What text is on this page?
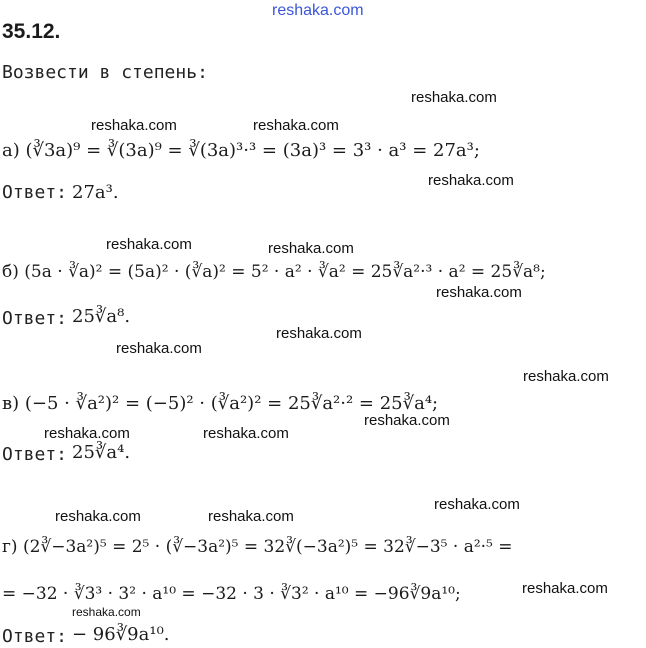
reshaka.com
reshaka.com
reshaka.com	reshaka.com
reshaka.com
reshaka.com	reshaka.com
reshaka.com
reshaka.com
reshaka.com
reshaka.com
reshaka.com
reshaka.com	reshaka.com
reshaka.com
reshaka.com	reshaka.com
reshaka.com
reshaka.com
35.12.
Возвести в степень:
а) (∛3a)⁹ = ∛(3a)⁹ = ∛(3a)³·³ = (3a)³ = 3³ · a³ = 27a³;
Ответ: 27a³.
б) (5a · ∛a)² = (5a)² · (∛a)² = 5² · a² · ∛a² = 25∛a²·³ · a² = 25∛a⁸;
Ответ: 25∛a⁸.
в) (−5 · ∛a²)² = (−5)² · (∛a²)² = 25∛a²·² = 25∛a⁴;
Ответ: 25∛a⁴.
г) (2∛−3a²)⁵ = 2⁵ · (∛−3a²)⁵ = 32∛(−3a²)⁵ = 32∛−3⁵ · a²·⁵ =
= −32 · ∛3³ · 3² · a¹⁰ = −32 · 3 · ∛3² · a¹⁰ = −96∛9a¹⁰;
Ответ: − 96∛9a¹⁰.
